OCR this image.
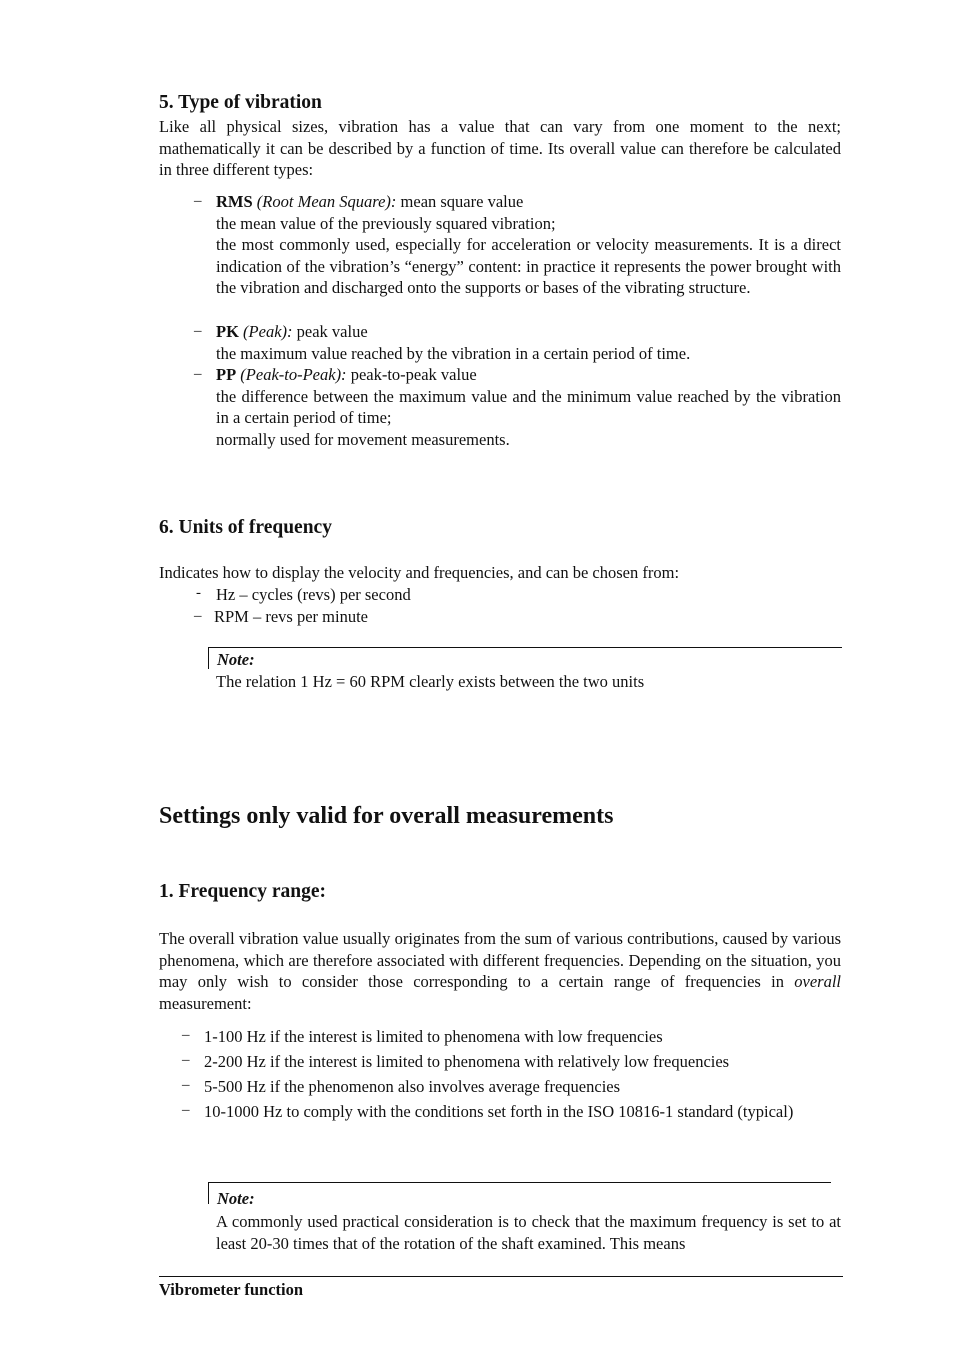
5. Type of vibration
Like all physical sizes, vibration has a value that can vary from one moment to the next; mathematically it can be described by a function of time. Its overall value can therefore be calculated in three different types:
– RMS (Root Mean Square): mean square value
the mean value of the previously squared vibration;
the most commonly used, especially for acceleration or velocity measurements. It is a direct indication of the vibration’s “energy” content: in practice it represents the power brought with the vibration and discharged onto the supports or bases of the vibrating structure.
– PK (Peak): peak value
the maximum value reached by the vibration in a certain period of time.
– PP (Peak-to-Peak): peak-to-peak value
the difference between the maximum value and the minimum value reached by the vibration in a certain period of time;
normally used for movement measurements.
6. Units of frequency
Indicates how to display the velocity and frequencies, and can be chosen from:
- Hz – cycles (revs) per second
– RPM – revs per minute
Note:
The relation 1 Hz = 60 RPM clearly exists between the two units
Settings only valid for overall measurements
1. Frequency range:
The overall vibration value usually originates from the sum of various contributions, caused by various phenomena, which are therefore associated with different frequencies. Depending on the situation, you may only wish to consider those corresponding to a certain range of frequencies in overall measurement:
– 1-100 Hz if the interest is limited to phenomena with low frequencies
– 2-200 Hz if the interest is limited to phenomena with relatively low frequencies
– 5-500 Hz if the phenomenon also involves average frequencies
– 10-1000 Hz to comply with the conditions set forth in the ISO 10816-1 standard (typical)
Note:
A commonly used practical consideration is to check that the maximum frequency is set to at least 20-30 times that of the rotation of the shaft examined. This means
Vibrometer function
